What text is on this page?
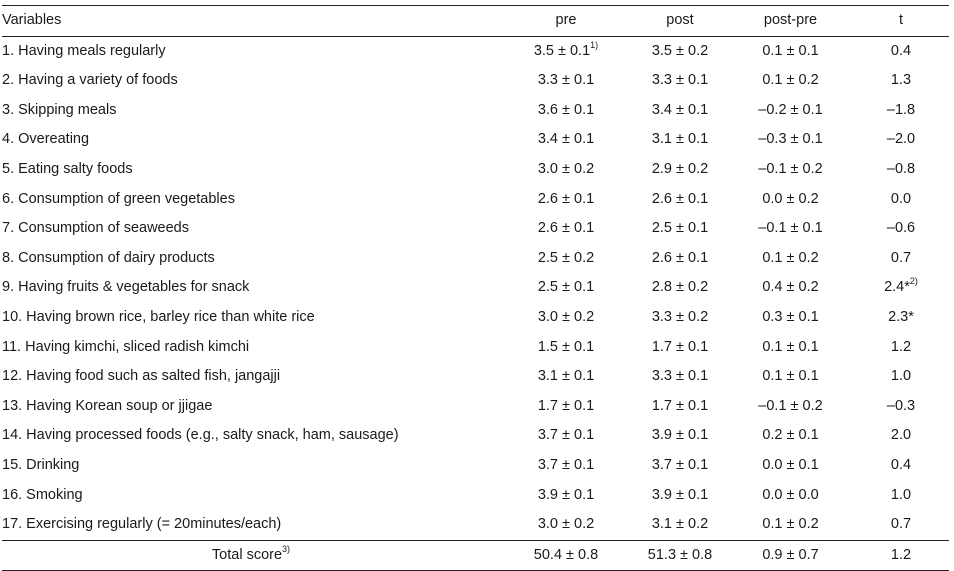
Variables	pre	post	post-pre	t
1. Having meals regularly	$3.5 \pm 0.1^{1)}$	3.5 ± 0.2	0.1 ± 0.1	0.4
2. Having a variety of foods	3.3 ± 0.1	3.3 ± 0.1	0.1 ± 0.2	1.3
3. Skipping meals	3.6 ± 0.1	3.4 ± 0.1	–0.2 ± 0.1	–1.8
4. Overeating	3.4 ± 0.1	3.1 ± 0.1	–0.3 ± 0.1	–2.0
5. Eating salty foods	3.0 ± 0.2	2.9 ± 0.2	–0.1 ± 0.2	–0.8
6. Consumption of green vegetables	2.6 ± 0.1	2.6 ± 0.1	0.0 ± 0.2	0.0
7. Consumption of seaweeds	2.6 ± 0.1	2.5 ± 0.1	–0.1 ± 0.1	–0.6
8. Consumption of dairy products	2.5 ± 0.2	2.6 ± 0.1	0.1 ± 0.2	0.7
9. Having fruits & vegetables for snack	2.5 ± 0.1	2.8 ± 0.2	0.4 ± 0.2	2.4*$^{2)}$
10. Having brown rice, barley rice than white rice	3.0 ± 0.2	3.3 ± 0.2	0.3 ± 0.1	2.3*
11. Having kimchi, sliced radish kimchi	1.5 ± 0.1	1.7 ± 0.1	0.1 ± 0.1	1.2
12. Having food such as salted fish, jangajji	3.1 ± 0.1	3.3 ± 0.1	0.1 ± 0.1	1.0
13. Having Korean soup or jjigae	1.7 ± 0.1	1.7 ± 0.1	–0.1 ± 0.2	–0.3
14. Having processed foods (e.g., salty snack, ham, sausage)	3.7 ± 0.1	3.9 ± 0.1	0.2 ± 0.1	2.0
15. Drinking	3.7 ± 0.1	3.7 ± 0.1	0.0 ± 0.1	0.4
16. Smoking	3.9 ± 0.1	3.9 ± 0.1	0.0 ± 0.0	1.0
17. Exercising regularly (= 20minutes/each)	3.0 ± 0.2	3.1 ± 0.2	0.1 ± 0.2	0.7
Total score$^{3)}$	50.4 ± 0.8	51.3 ± 0.8	0.9 ± 0.7	1.2
